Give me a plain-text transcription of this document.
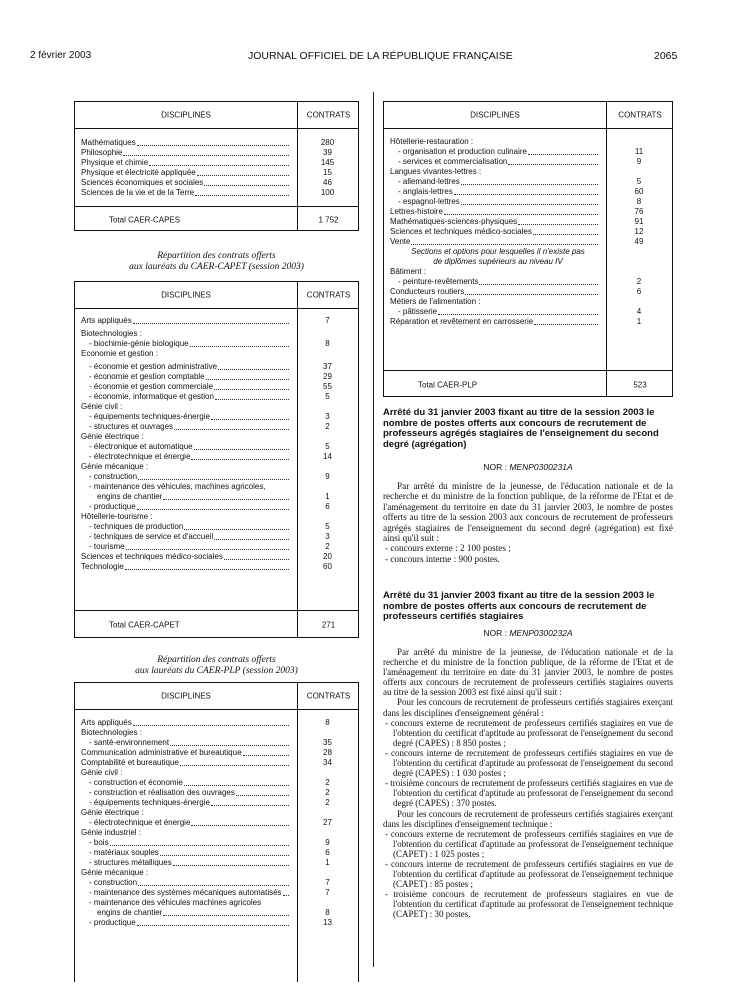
2 février 2003	JOURNAL OFFICIEL DE LA RÉPUBLIQUE FRANÇAISE	2065
DISCIPLINES	CONTRATS
Mathématiques	280
Philosophie	39
Physique et chimie	145
Physique et électricité appliquée	15
Sciences économiques et sociales	46
Sciences de la vie et de la Terre	100
Total CAER-CAPES	1 752
Répartition des contrats offerts
aux lauréats du CAER-CAPET (session 2003)
DISCIPLINES	CONTRATS
Arts appliqués	7
Biotechnologies :
- biochimie-génie biologique	8
Economie et gestion :
- économie et gestion administrative	37
- économie et gestion comptable	29
- économie et gestion commerciale	55
- économie, informatique et gestion	5
Génie civil :
- équipements techniques-énergie	3
- structures et ouvrages	2
Génie électrique :
- électronique et automatique	5
- électrotechnique et énergie	14
Génie mécanique :
- construction	9
- maintenance des véhicules, machines agricoles,
engins de chantier	1
- productique	6
Hôtellerie-tourisme :
- techniques de production	5
- techniques de service et d'accueil	3
- tourisme	2
Sciences et techniques médico-sociales	20
Technologie	60
Total CAER-CAPET	271
Répartition des contrats offerts
aux lauréats du CAER-PLP (session 2003)
DISCIPLINES	CONTRATS
Arts appliqués	8
Biotechnologies :
- santé-environnement	35
Communication administrative et bureautique	28
Comptabilité et bureautique	34
Génie civil :
- construction et économie	2
- construction et réalisation des ouvrages	2
- équipements techniques-énergie	2
Génie électrique :
- électrotechnique et énergie	27
Génie industriel :
- bois	9
- matériaux souples	6
- structures métalliques	1
Génie mécanique :
- construction	7
- maintenance des systèmes mécaniques automatisés	7
- maintenance des véhicules machines agricoles
engins de chantier	8
- productique	13
DISCIPLINES	CONTRATS
Hôtellerie-restauration :
- organisation et production culinaire	11
- services et commercialisation	9
Langues vivantes-lettres :
- allemand-lettres	5
- anglais-lettres	60
- espagnol-lettres	8
Lettres-histoire	76
Mathématiques-sciences-physiques	91
Sciences et techniques médico-sociales	12
Vente	49
Sections et options pour lesquelles il n'existe pas
de diplômes supérieurs au niveau IV
Bâtiment :
- peinture-revêtements	2
Conducteurs routiers	6
Métiers de l'alimentation :
- pâtisserie	4
Réparation et revêtement en carrosserie	1
Total CAER-PLP	523
Arrêté du 31 janvier 2003 fixant au titre de la session 2003 le nombre de postes offerts aux concours de recrutement de professeurs agrégés stagiaires de l'enseignement du second degré (agrégation)
NOR : MENP0300231A

Par arrêté du ministre de la jeunesse, de l'éducation nationale et de la recherche et du ministre de la fonction publique, de la réforme de l'Etat et de l'aménagement du territoire en date du 31 janvier 2003, le nombre de postes offerts au titre de la session 2003 aux concours de recrutement de professeurs agrégés stagiaires de l'enseignement du second degré (agrégation) est fixé ainsi qu'il suit :

- concours externe : 2 100 postes ;

- concours interne : 900 postes.

Arrêté du 31 janvier 2003 fixant au titre de la session 2003 le nombre de postes offerts aux concours de recrutement de professeurs certifiés stagiaires
NOR : MENP0300232A

Par arrêté du ministre de la jeunesse, de l'éducation nationale et de la recherche et du ministre de la fonction publique, de la réforme de l'Etat et de l'aménagement du territoire en date du 31 janvier 2003, le nombre de postes offerts aux concours de recrutement de professeurs certifiés stagiaires ouverts au titre de la session 2003 est fixé ainsi qu'il suit :

Pour les concours de recrutement de professeurs certifiés stagiaires exerçant dans les disciplines d'enseignement général :

- concours externe de recrutement de professeurs certifiés stagiaires en vue de l'obtention du certificat d'aptitude au professorat de l'enseignement du second degré (CAPES) : 8 850 postes ;

- concours interne de recrutement de professeurs certifiés stagiaires en vue de l'obtention du certificat d'aptitude au professorat de l'enseignement du second degré (CAPES) : 1 030 postes ;

- troisième concours de recrutement de professeurs certifiés stagiaires en vue de l'obtention du certificat d'aptitude au professorat de l'enseignement du second degré (CAPES) : 370 postes.

Pour les concours de recrutement de professeurs certifiés stagiaires exerçant dans les disciplines d'enseignement technique :

- concours externe de recrutement de professeurs certifiés stagiaires en vue de l'obtention du certificat d'aptitude au professorat de l'enseignement technique (CAPET) : 1 025 postes ;

- concours interne de recrutement de professeurs certifiés stagiaires en vue de l'obtention du certificat d'aptitude au professorat de l'enseignement technique (CAPET) : 85 postes ;

- troisième concours de recrutement de professeurs stagiaires en vue de l'obtention du certificat d'aptitude au professorat de l'enseignement technique (CAPET) : 30 postes.
